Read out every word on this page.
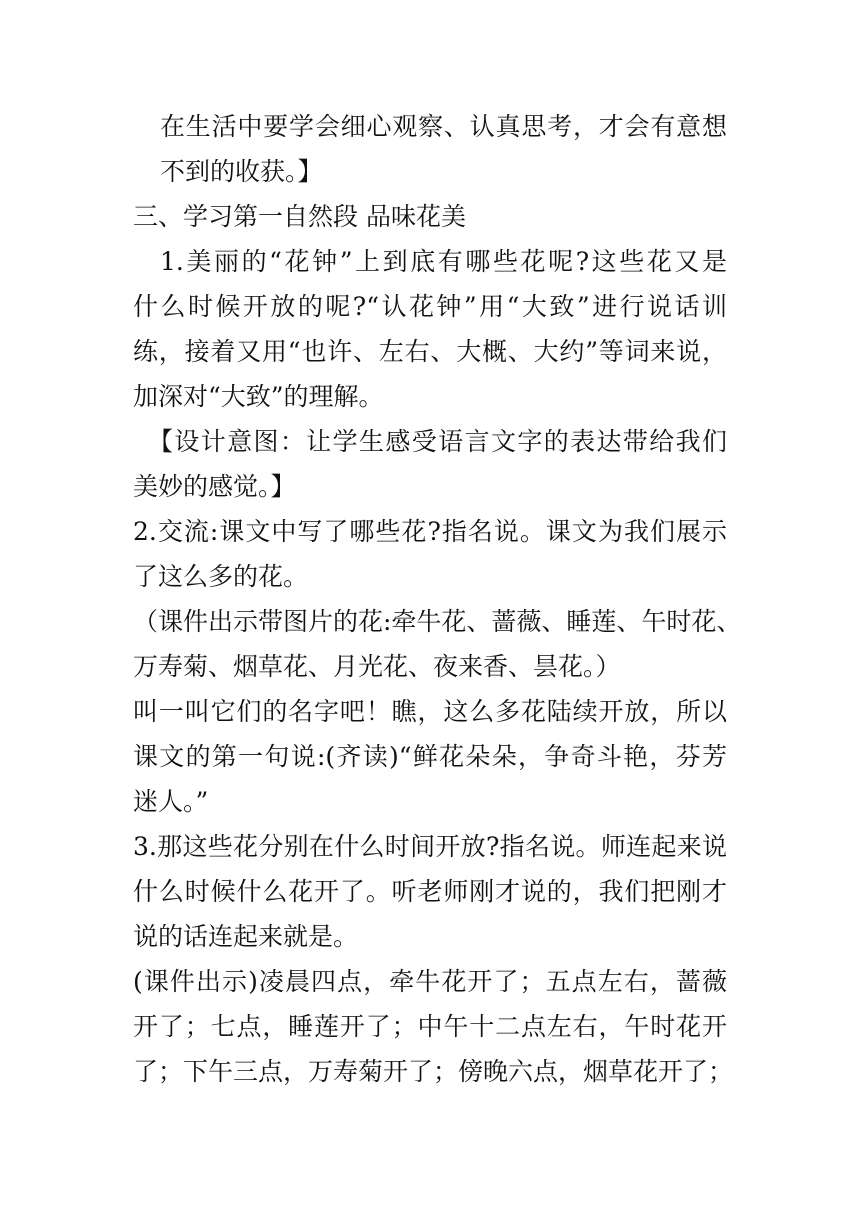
在生活中要学会细心观察、认真思考，才会有意想
不到的收获。】
三、学习第一自然段 品味花美
1.美丽的“花钟”上到底有哪些花呢?这些花又是
什么时候开放的呢?“认花钟”用“大致”进行说话训
练，接着又用“也许、左右、大概、大约”等词来说，
加深对“大致”的理解。
【设计意图：让学生感受语言文字的表达带给我们
美妙的感觉。】
2.交流:课文中写了哪些花?指名说。课文为我们展示
了这么多的花。
（课件出示带图片的花:牵牛花、蔷薇、睡莲、午时花、
万寿菊、烟草花、月光花、夜来香、昙花。）
叫一叫它们的名字吧！瞧，这么多花陆续开放，所以
课文的第一句说:(齐读)“鲜花朵朵，争奇斗艳，芬芳
迷人。”
3.那这些花分别在什么时间开放?指名说。师连起来说
什么时候什么花开了。听老师刚才说的，我们把刚才
说的话连起来就是。
(课件出示)凌晨四点，牵牛花开了；五点左右，蔷薇
开了；七点，睡莲开了；中午十二点左右，午时花开
了；下午三点，万寿菊开了；傍晚六点，烟草花开了；
